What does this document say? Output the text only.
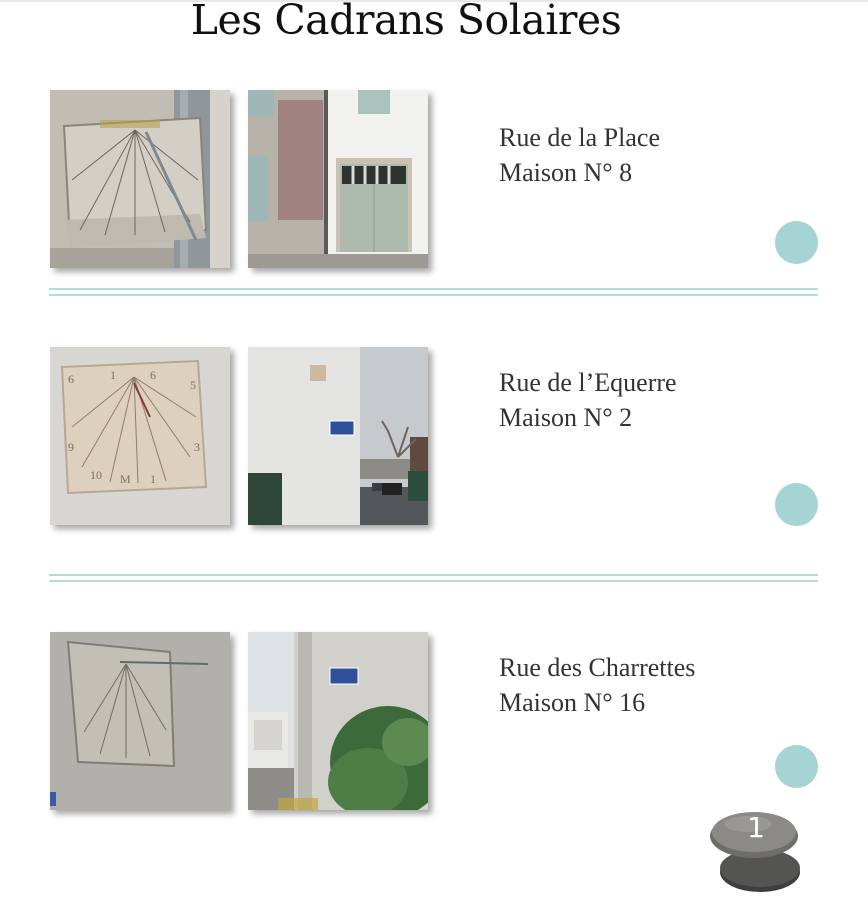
Les Cadrans Solaires
Rue de la Place
Maison N° 8
6	1	6
5
9	3
10 M 1
Rue de l’Equerre
Maison N° 2
Rue des Charrettes
Maison N° 16
1
